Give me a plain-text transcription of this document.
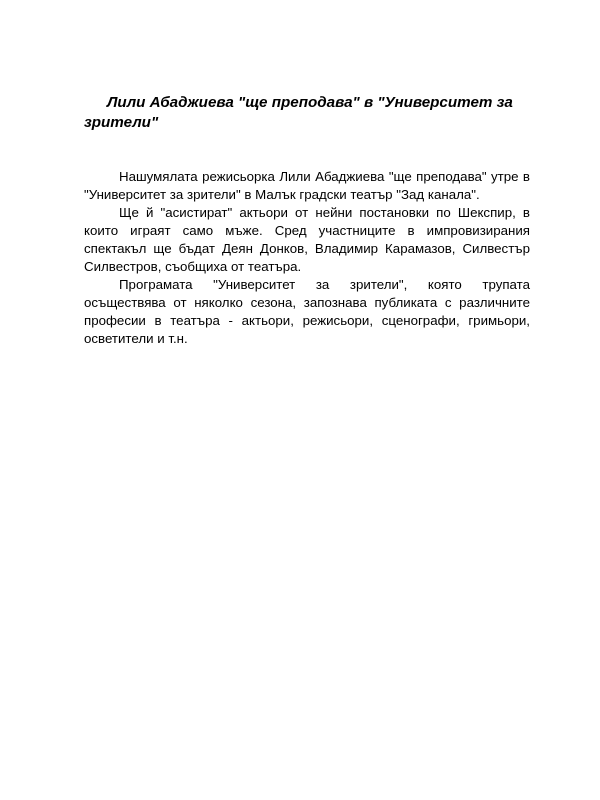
Лили Абаджиева "ще преподава" в "Университет за зрители"

Нашумялата режисьорка Лили Абаджиева "ще преподава" утре в "Университет за зрители" в Малък градски театър "Зад канала".

Ще й "асистират" актьори от нейни постановки по Шекспир, в които играят само мъже. Сред участниците в импровизирания спектакъл ще бъдат Деян Донков, Владимир Карамазов, Силвестър Силвестров, съобщиха от театъра.

Програмата "Университет за зрители", която трупата осъществява от няколко сезона, запознава публиката с различните професии в театъра - актьори, режисьори, сценографи, гримьори, осветители и т.н.
